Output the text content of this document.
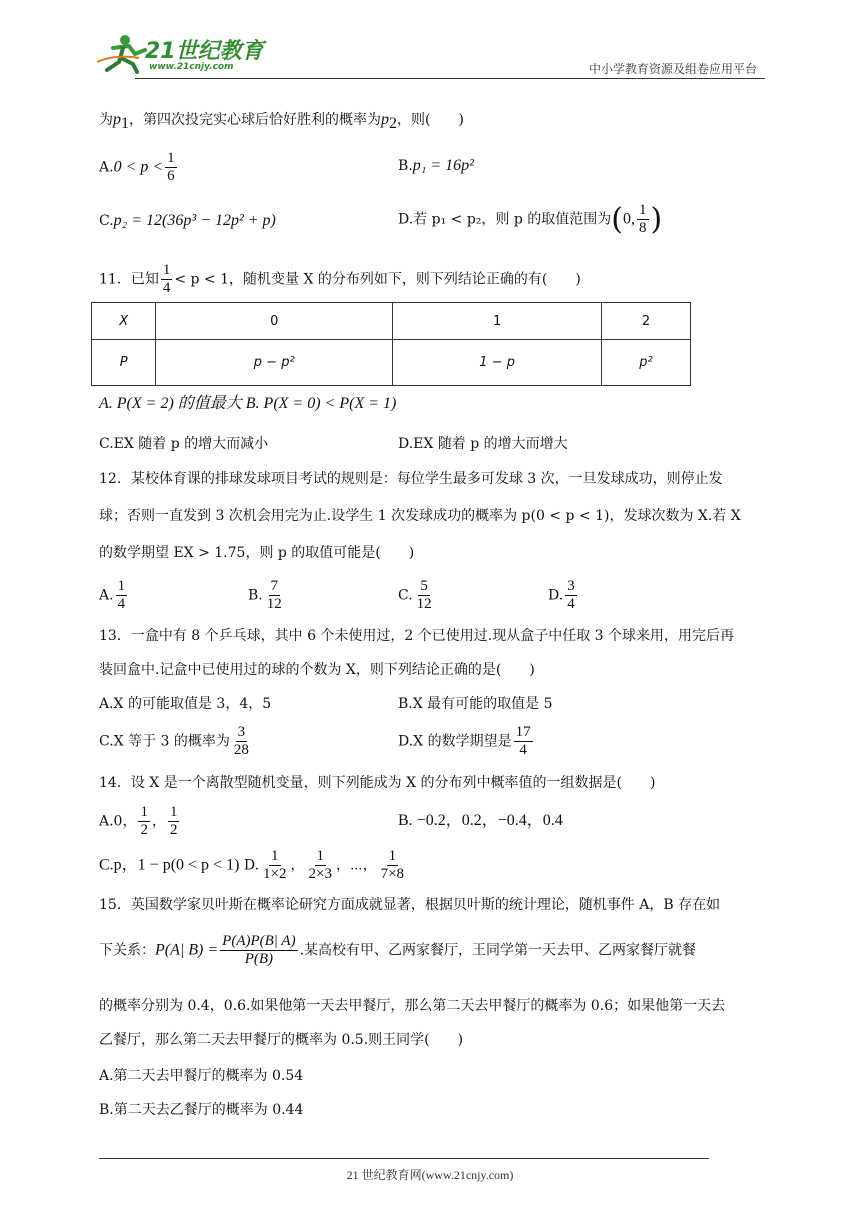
21世纪教育
www.21cnjy.com	中小学教育资源及组卷应用平台
为$p_1$，第四次投完实心球后恰好胜利的概率为$p_2$，则(　　)
$A.0 < p < \frac{1}{6}$	B.p₁ = 16p²
C.p₂ = 12(36p³ − 12p² + p)	D.若 p₁ < p₂，则 p 的取值范围为(0, $\frac{1}{8}$ )
11．已知 $\frac{1}{4} < p < 1$，随机变量 X 的分布列如下，则下列结论正确的有(　　)
X	0	1	2
P	p − p²	1 − p	p²
A. P(X = 2) 的值最大 B. P(X = 0) < P(X = 1)
C.EX 随着 p 的增大而减小	D.EX 随着 p 的增大而增大
12．某校体育课的排球发球项目考试的规则是：每位学生最多可发球 3 次，一旦发球成功，则停止发
球；否则一直发到 3 次机会用完为止.设学生 1 次发球成功的概率为 p(0 < p < 1)，发球次数为 X.若 X
的数学期望 EX > 1.75，则 p 的取值可能是(　　)
A. $\frac{1}{4}$	B. $\frac{7}{12}$	C. $\frac{5}{12}$	D. $\frac{3}{4}$
13．一盒中有 8 个乒乓球，其中 6 个未使用过，2 个已使用过.现从盒子中任取 3 个球来用，用完后再
装回盒中.记盒中已使用过的球的个数为 X，则下列结论正确的是(　　)
A.X 的可能取值是 3，4，5	B.X 最有可能的取值是 5
C.X 等于 3 的概率为 $\frac{3}{28}$	D.X 的数学期望是 $\frac{17}{4}$
14．设 X 是一个离散型随机变量，则下列能成为 X 的分布列中概率值的一组数据是(　　)
A.0， $\frac{1}{2}$ ， $\frac{1}{2}$	B. −0.2，0.2，−0.4，0.4
C.p，1 − p(0 < p < 1) D. $\frac{1}{1\times 2}$ ， $\frac{1}{2\times 3}$ ，⋯， $\frac{1}{7\times 8}$
15．英国数学家贝叶斯在概率论研究方面成就显著，根据贝叶斯的统计理论，随机事件 A，B 存在如
下关系：P(A| $B) = \frac{P(A)P(B| A)}{P(B)}$ .某高校有甲、乙两家餐厅，王同学第一天去甲、乙两家餐厅就餐
的概率分别为 0.4，0.6.如果他第一天去甲餐厅，那么第二天去甲餐厅的概率为 0.6；如果他第一天去
乙餐厅，那么第二天去甲餐厅的概率为 0.5.则王同学(　　)
A.第二天去甲餐厅的概率为 0.54
B.第二天去乙餐厅的概率为 0.44
21 世纪教育网(www.21cnjy.com)
